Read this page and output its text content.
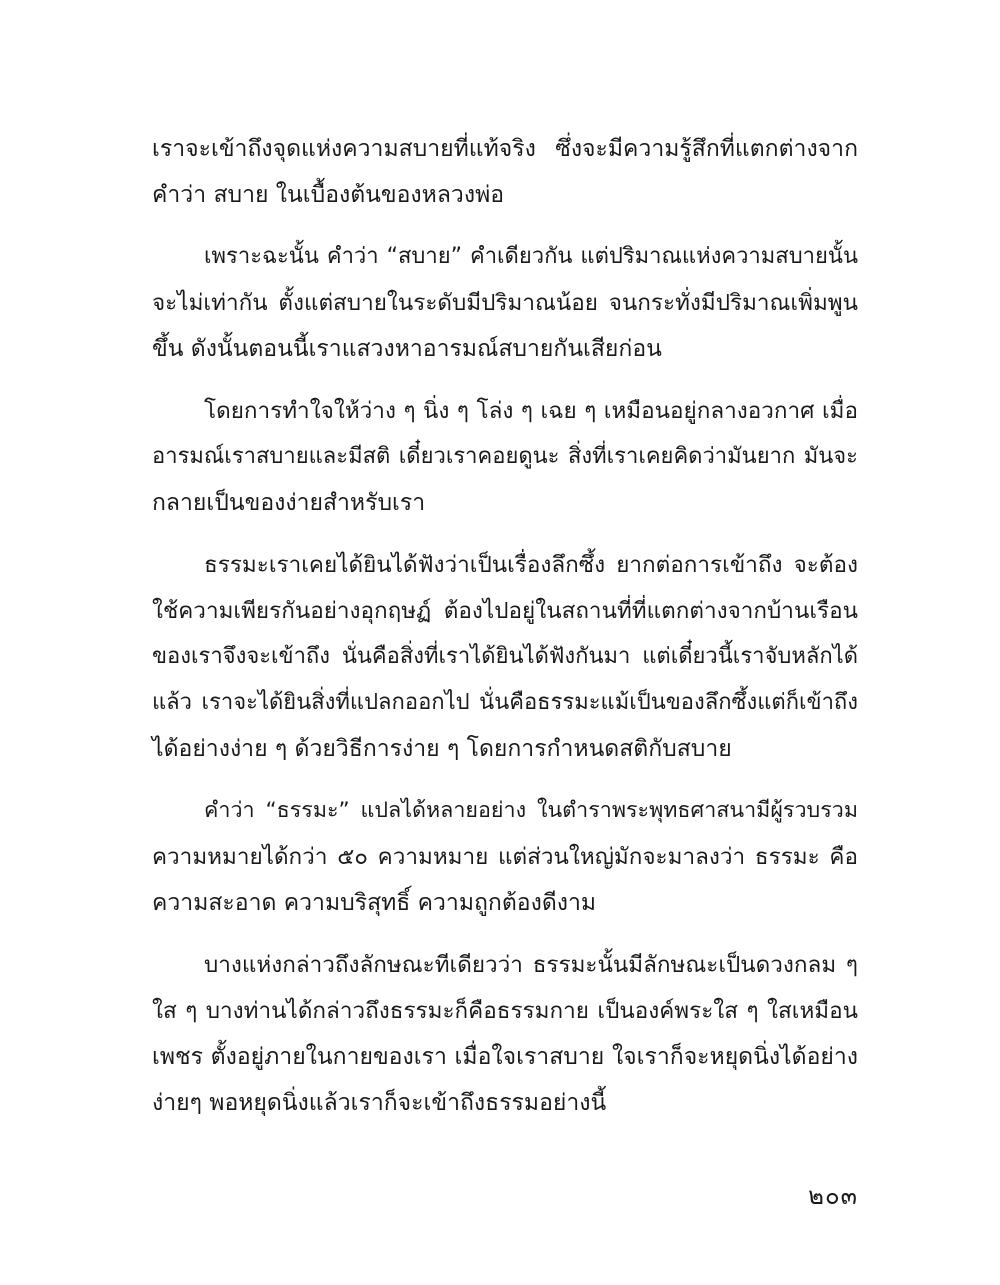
เราจะเข้าถึงจุดแห่งความสบายที่แท้จริง ซึ่งจะมีความรู้สึกที่แตกต่างจาก
คำว่า สบาย ในเบื้องต้นของหลวงพ่อ

เพราะฉะนั้น คำว่า “สบาย” คำเดียวกัน แต่ปริมาณแห่งความสบายนั้น
จะไม่เท่ากัน ตั้งแต่สบายในระดับมีปริมาณน้อย จนกระทั่งมีปริมาณเพิ่มพูน
ขึ้น ดังนั้นตอนนี้เราแสวงหาอารมณ์สบายกันเสียก่อน

โดยการทำใจให้ว่าง ๆ นิ่ง ๆ โล่ง ๆ เฉย ๆ เหมือนอยู่กลางอวกาศ เมื่อ
อารมณ์เราสบายและมีสติ เดี๋ยวเราคอยดูนะ สิ่งที่เราเคยคิดว่ามันยาก มันจะ
กลายเป็นของง่ายสำหรับเรา

ธรรมะเราเคยได้ยินได้ฟังว่าเป็นเรื่องลึกซึ้ง ยากต่อการเข้าถึง จะต้อง
ใช้ความเพียรกันอย่างอุกฤษฏ์ ต้องไปอยู่ในสถานที่ที่แตกต่างจากบ้านเรือน
ของเราจึงจะเข้าถึง นั่นคือสิ่งที่เราได้ยินได้ฟังกันมา แต่เดี๋ยวนี้เราจับหลักได้
แล้ว เราจะได้ยินสิ่งที่แปลกออกไป นั่นคือธรรมะแม้เป็นของลึกซึ้งแต่ก็เข้าถึง
ได้อย่างง่าย ๆ ด้วยวิธีการง่าย ๆ โดยการกำหนดสติกับสบาย

คำว่า “ธรรมะ” แปลได้หลายอย่าง ในตำราพระพุทธศาสนามีผู้รวบรวม
ความหมายได้กว่า ๕๐ ความหมาย แต่ส่วนใหญ่มักจะมาลงว่า ธรรมะ คือ
ความสะอาด ความบริสุทธิ์ ความถูกต้องดีงาม

บางแห่งกล่าวถึงลักษณะทีเดียวว่า ธรรมะนั้นมีลักษณะเป็นดวงกลม ๆ
ใส ๆ บางท่านได้กล่าวถึงธรรมะก็คือธรรมกาย เป็นองค์พระใส ๆ ใสเหมือน
เพชร ตั้งอยู่ภายในกายของเรา เมื่อใจเราสบาย ใจเราก็จะหยุดนิ่งได้อย่าง
ง่ายๆ พอหยุดนิ่งแล้วเราก็จะเข้าถึงธรรมอย่างนี้

๒๐๓
